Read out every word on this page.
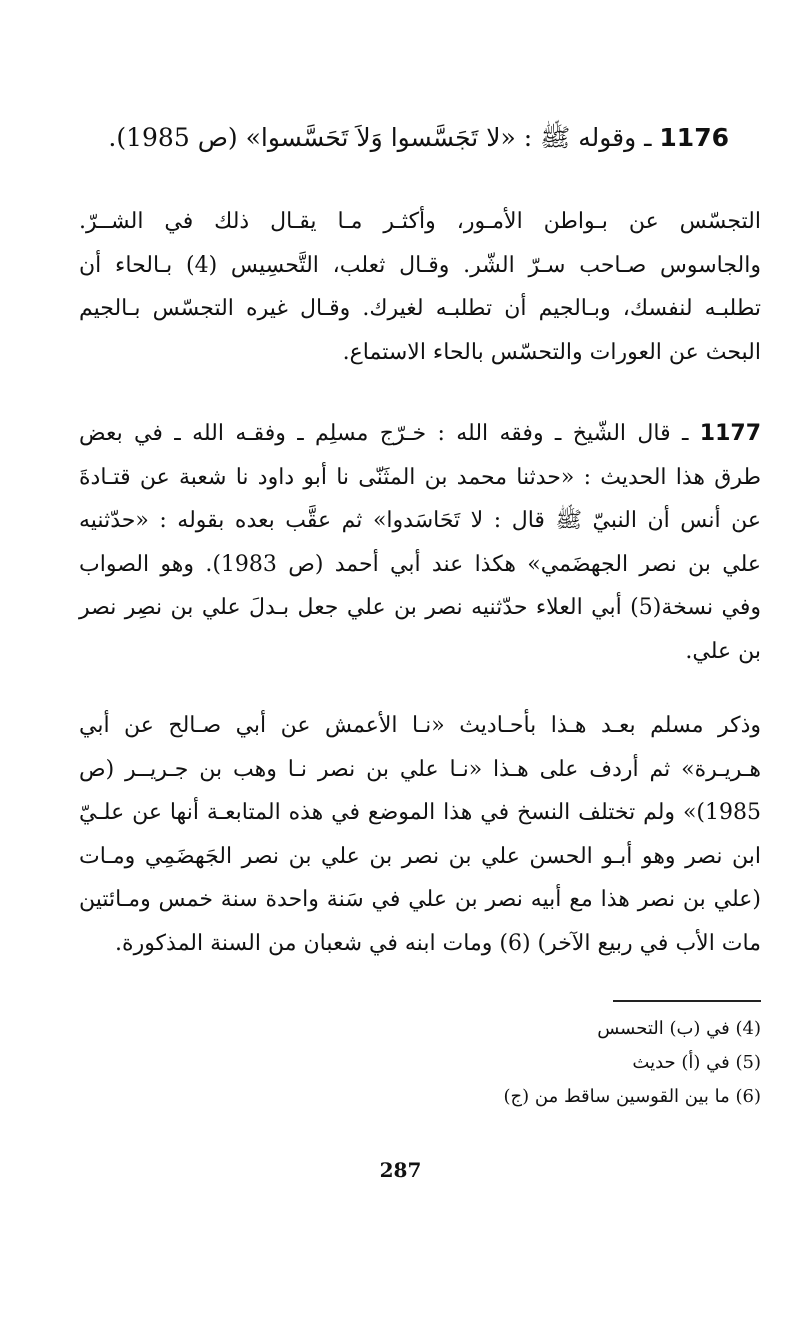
1176 ـ وقوله ﷺ : «لا تَجَسَّسوا وَلاَ تَحَسَّسوا» (ص 1985).
التجسّس عن بـواطن الأمـور، وأكثـر مـا يقـال ذلك في الشــرّ.
والجاسوس صـاحب سـرّ الشّر. وقـال ثعلب، التَّحسِيس (4) بـالحاء أن
تطلبـه لنفسك، وبـالجيم أن تطلبـه لغيرك. وقـال غيره التجسّس بـالجيم
البحث عن العورات والتحسّس بالحاء الاستماع.
1177 ـ قال الشّيخ ـ وفقه الله : خـرّج مسلِم ـ وفقـه الله ـ في بعض
طرق هذا الحديث : «حدثنا محمد بن المثَنّى نا أبو داود نا شعبة عن قتـادةَ
عن أنس أن النبيّ ﷺ قال : لا تَحَاسَدوا» ثم عقَّب بعده بقوله : «حدّثنيه
علي بن نصر الجهضَمي» هكذا عند أبي أحمد (ص 1983). وهو الصواب
وفي نسخة(5) أبي العلاء حدّثنيه نصر بن علي جعل بـدلَ علي بن نصِر نصر
بن علي.
وذكر مسلم بعـد هـذا بأحـاديث «نـا الأعمش عن أبي صـالح عن أبي
هـريـرة» ثم أردف على هـذا «نـا علي بن نصر نـا وهب بن جـريــر (ص
1985)» ولم تختلف النسخ في هذا الموضع في هذه المتابعـة أنها عن علـيّ
ابن نصر وهو أبـو الحسن علي بن نصر بن علي بن نصر الجَهضَمِي ومـات
(علي بن نصر هذا مع أبيه نصر بن علي في سَنة واحدة سنة خمس ومـائتين
مات الأب في ربيع الآخر) (6) ومات ابنه في شعبان من السنة المذكورة.
(4) في (ب) التحسس
(5) في (أ) حديث
(6) ما بين القوسين ساقط من (ج)
287
